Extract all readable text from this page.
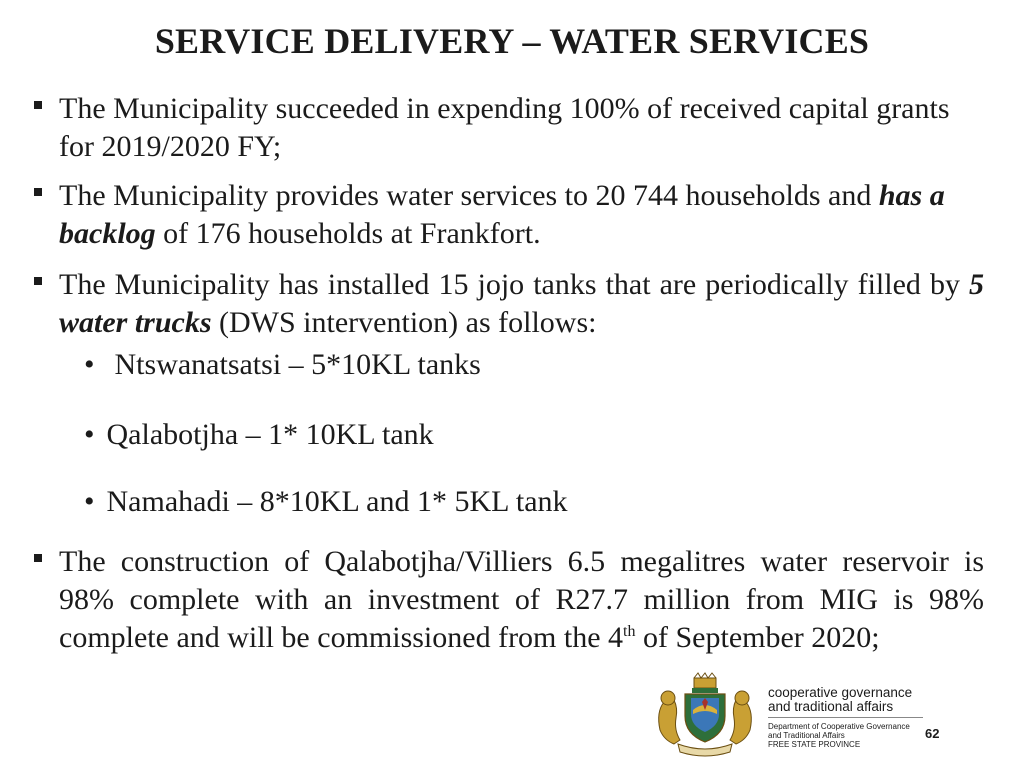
SERVICE DELIVERY – WATER SERVICES
The Municipality succeeded in expending 100% of received capital grants for 2019/2020 FY;
The Municipality provides water services to 20 744 households and has a backlog of 176 households at Frankfort.
The Municipality has installed 15 jojo tanks that are periodically filled by 5 water trucks (DWS intervention) as follows:
• Ntswanatsatsi – 5*10KL tanks
• Qalabotjha – 1* 10KL tank
• Namahadi – 8*10KL and 1* 5KL tank
The construction of Qalabotjha/Villiers 6.5 megalitres water reservoir is 98% complete with an investment of R27.7 million from MIG is 98% complete and will be commissioned from the 4th of September 2020;
cooperative governance
and traditional affairs
Department of Cooperative Governance
and Traditional Affairs
FREE STATE PROVINCE
62
